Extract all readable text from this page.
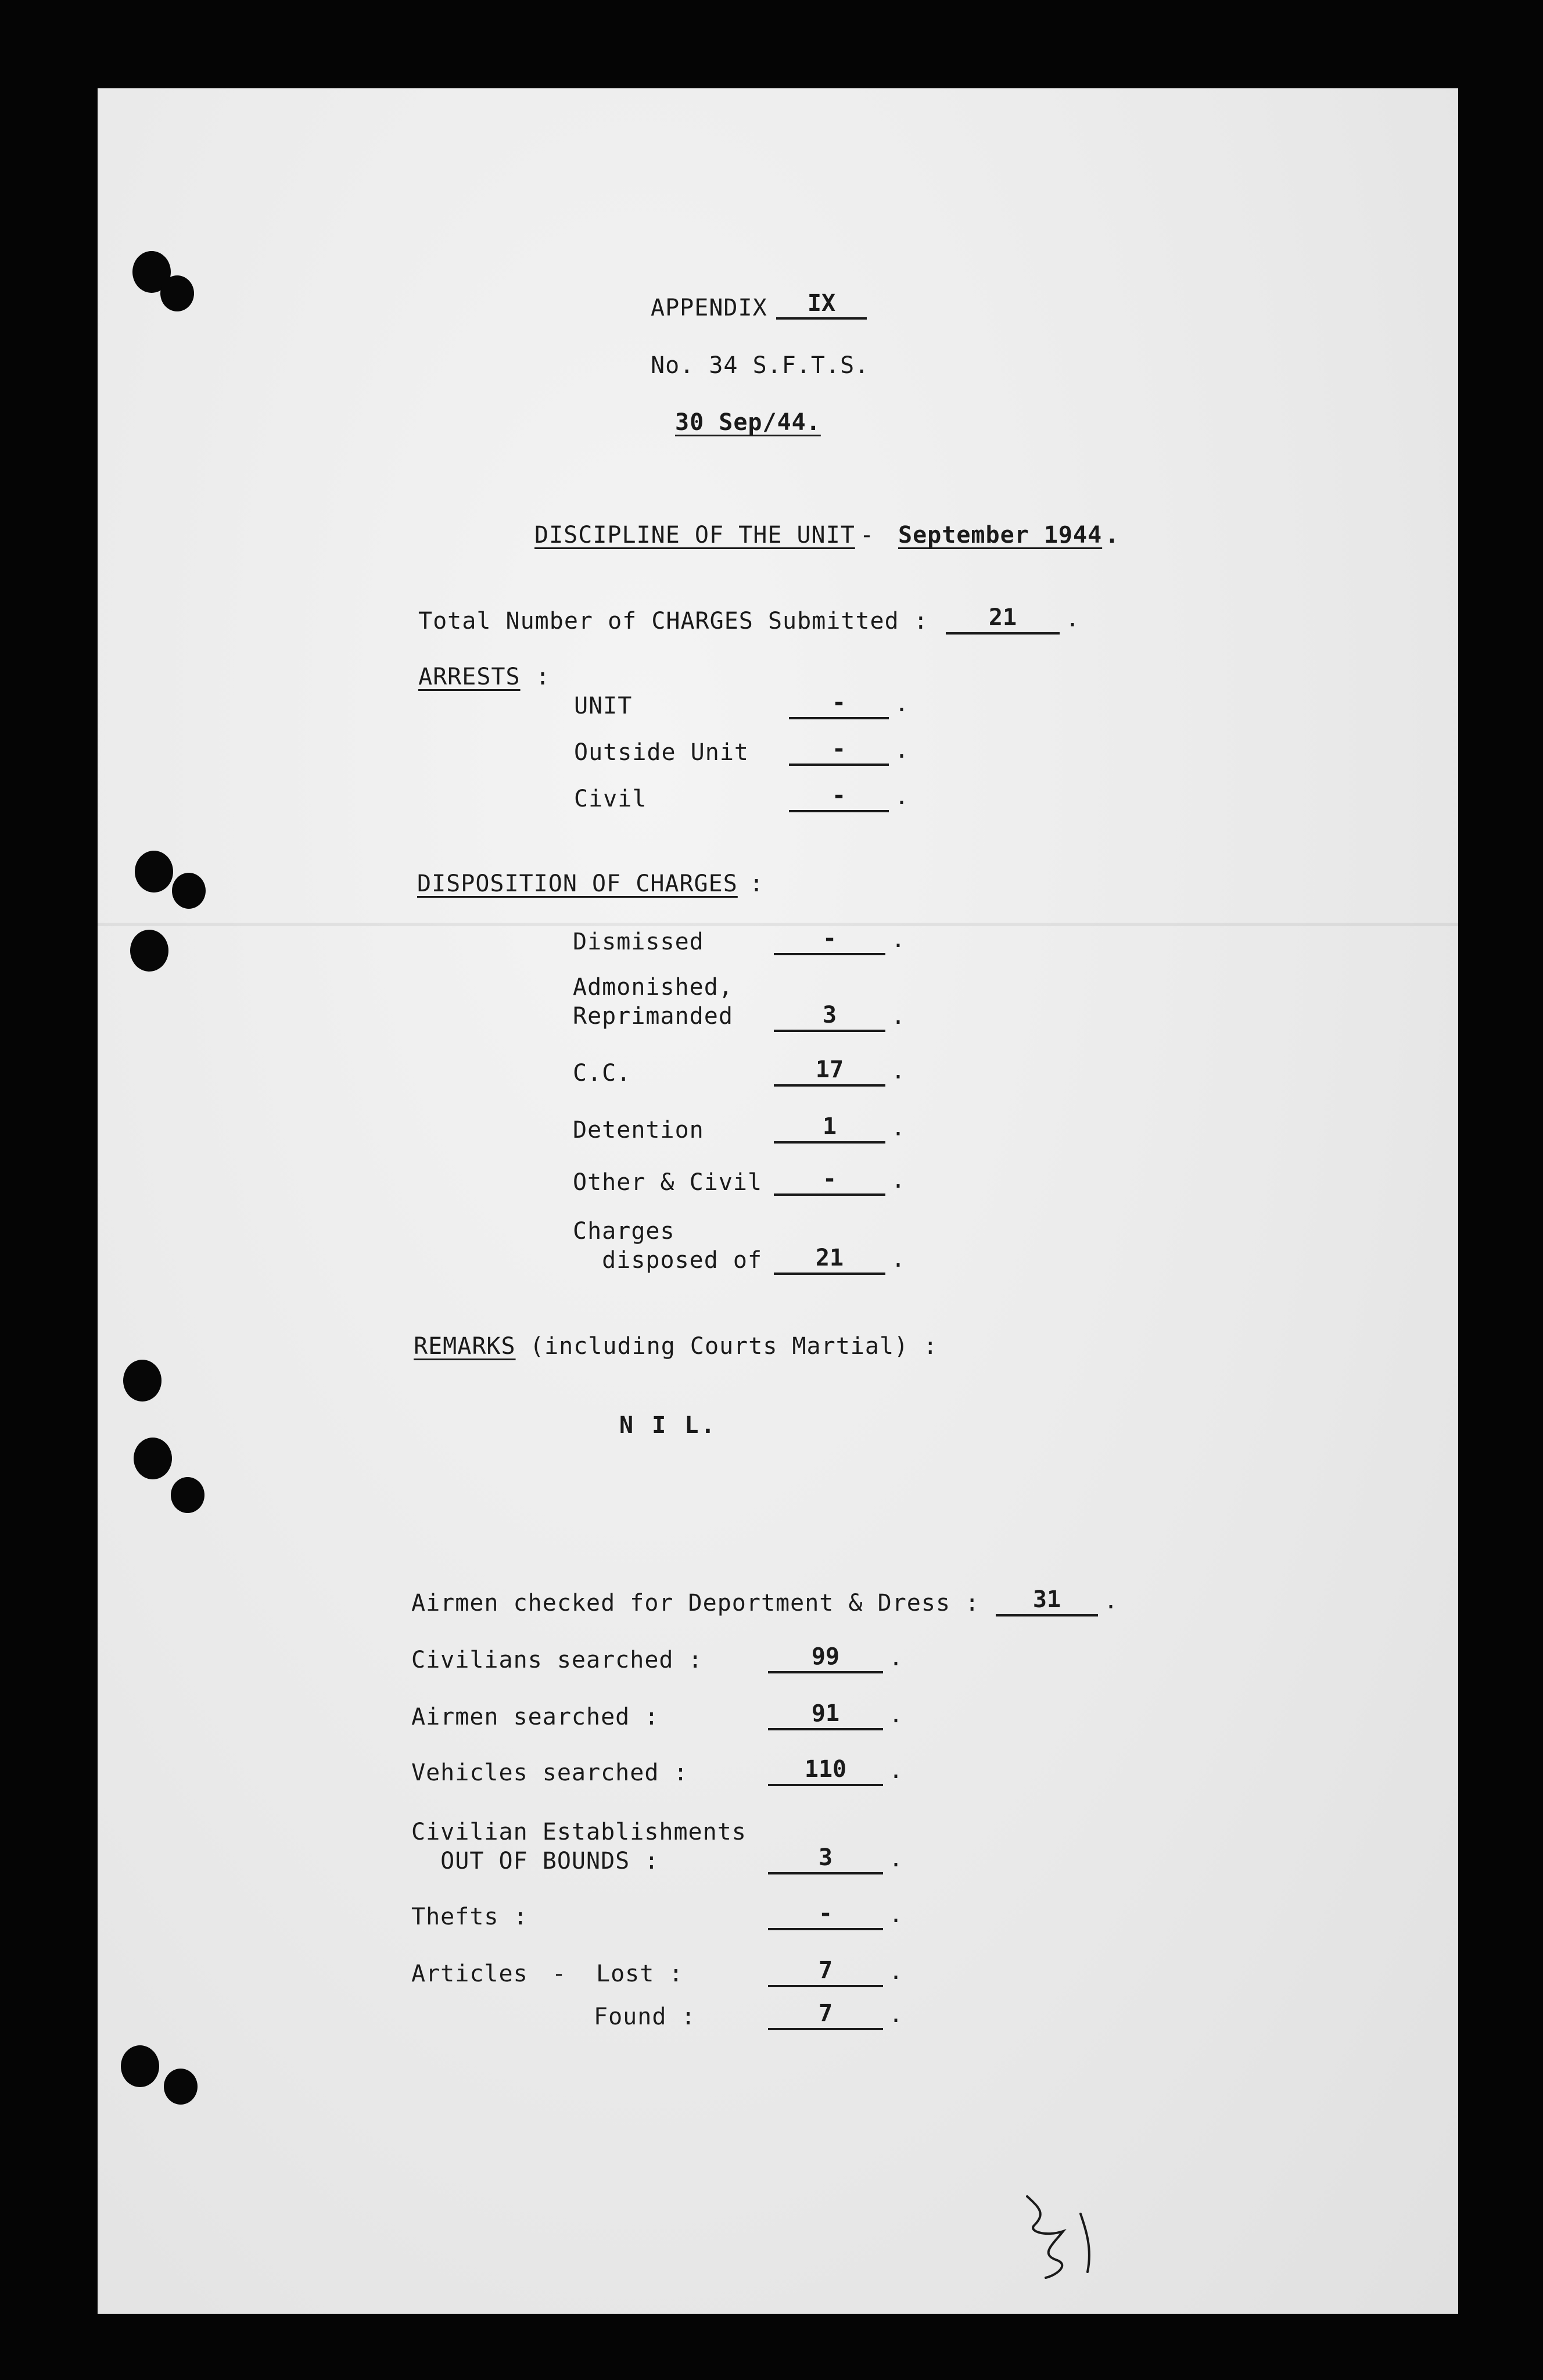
APPENDIX	IX
No. 34 S.F.T.S.
30 Sep/44.
DISCIPLINE OF THE UNIT - September 1944 .
Total Number of CHARGES Submitted :	21	.
ARRESTS :
UNIT	-	.
Outside Unit	-	.
Civil	-	.
DISPOSITION OF CHARGES :
Dismissed	-	.
Admonished,
Reprimanded	3	.
C.C.	17	.
Detention	1	.
Other & Civil	-	.
Charges
disposed of	21	.
REMARKS (including Courts Martial) :
N I L.
Airmen checked for Deportment & Dress :	31	.
Civilians searched :	99	.
Airmen searched :	91	.
Vehicles searched :	110	.
Civilian Establishments
OUT OF BOUNDS :	3	.
Thefts :	-	.
Articles - Lost :	7	.
Found :	7	.
